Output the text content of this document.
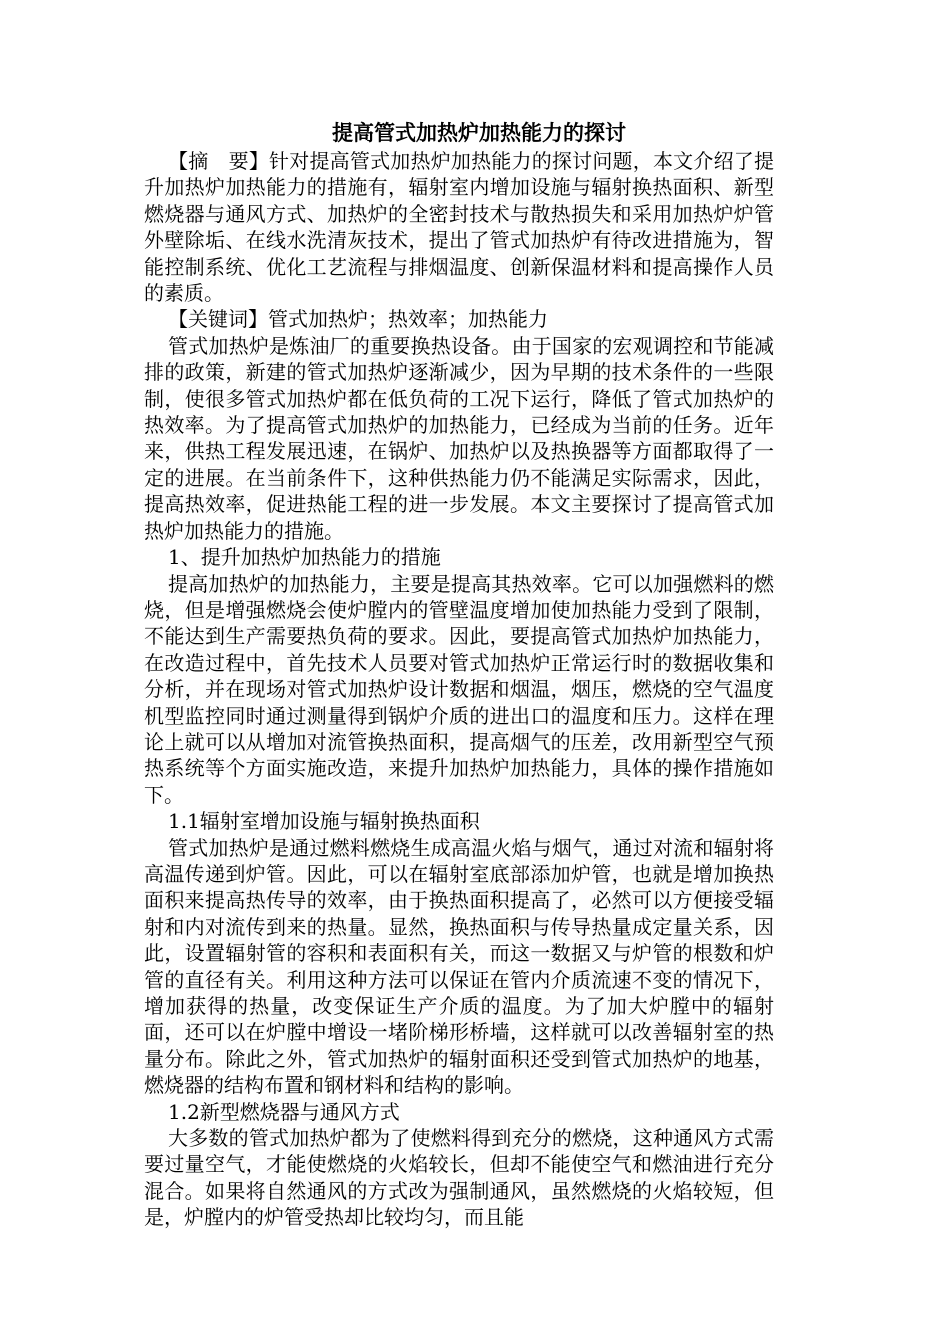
提高管式加热炉加热能力的探讨

【摘　要】针对提高管式加热炉加热能力的探讨问题，本文介绍了提升加热炉加热能力的措施有，辐射室内增加设施与辐射换热面积、新型燃烧器与通风方式、加热炉的全密封技术与散热损失和采用加热炉炉管外壁除垢、在线水洗清灰技术，提出了管式加热炉有待改进措施为，智能控制系统、优化工艺流程与排烟温度、创新保温材料和提高操作人员的素质。

【关键词】管式加热炉；热效率；加热能力

管式加热炉是炼油厂的重要换热设备。由于国家的宏观调控和节能减排的政策，新建的管式加热炉逐渐减少，因为早期的技术条件的一些限制，使很多管式加热炉都在低负荷的工况下运行，降低了管式加热炉的热效率。为了提高管式加热炉的加热能力，已经成为当前的任务。近年来，供热工程发展迅速，在锅炉、加热炉以及热换器等方面都取得了一定的进展。在当前条件下，这种供热能力仍不能满足实际需求，因此，提高热效率，促进热能工程的进一步发展。本文主要探讨了提高管式加热炉加热能力的措施。

1、提升加热炉加热能力的措施

提高加热炉的加热能力，主要是提高其热效率。它可以加强燃料的燃烧，但是增强燃烧会使炉膛内的管壁温度增加使加热能力受到了限制，不能达到生产需要热负荷的要求。因此，要提高管式加热炉加热能力，在改造过程中，首先技术人员要对管式加热炉正常运行时的数据收集和分析，并在现场对管式加热炉设计数据和烟温，烟压，燃烧的空气温度机型监控同时通过测量得到锅炉介质的进出口的温度和压力。这样在理论上就可以从增加对流管换热面积，提高烟气的压差，改用新型空气预热系统等个方面实施改造，来提升加热炉加热能力，具体的操作措施如下。

1.1辐射室增加设施与辐射换热面积

管式加热炉是通过燃料燃烧生成高温火焰与烟气，通过对流和辐射将高温传递到炉管。因此，可以在辐射室底部添加炉管，也就是增加换热面积来提高热传导的效率，由于换热面积提高了，必然可以方便接受辐射和内对流传到来的热量。显然，换热面积与传导热量成定量关系，因此，设置辐射管的容积和表面积有关，而这一数据又与炉管的根数和炉管的直径有关。利用这种方法可以保证在管内介质流速不变的情况下，增加获得的热量，改变保证生产介质的温度。为了加大炉膛中的辐射面，还可以在炉膛中增设一堵阶梯形桥墙，这样就可以改善辐射室的热量分布。除此之外，管式加热炉的辐射面积还受到管式加热炉的地基，燃烧器的结构布置和钢材料和结构的影响。

1.2新型燃烧器与通风方式

大多数的管式加热炉都为了使燃料得到充分的燃烧，这种通风方式需要过量空气，才能使燃烧的火焰较长，但却不能使空气和燃油进行充分混合。如果将自然通风的方式改为强制通风，虽然燃烧的火焰较短，但是，炉膛内的炉管受热却比较均匀，而且能
